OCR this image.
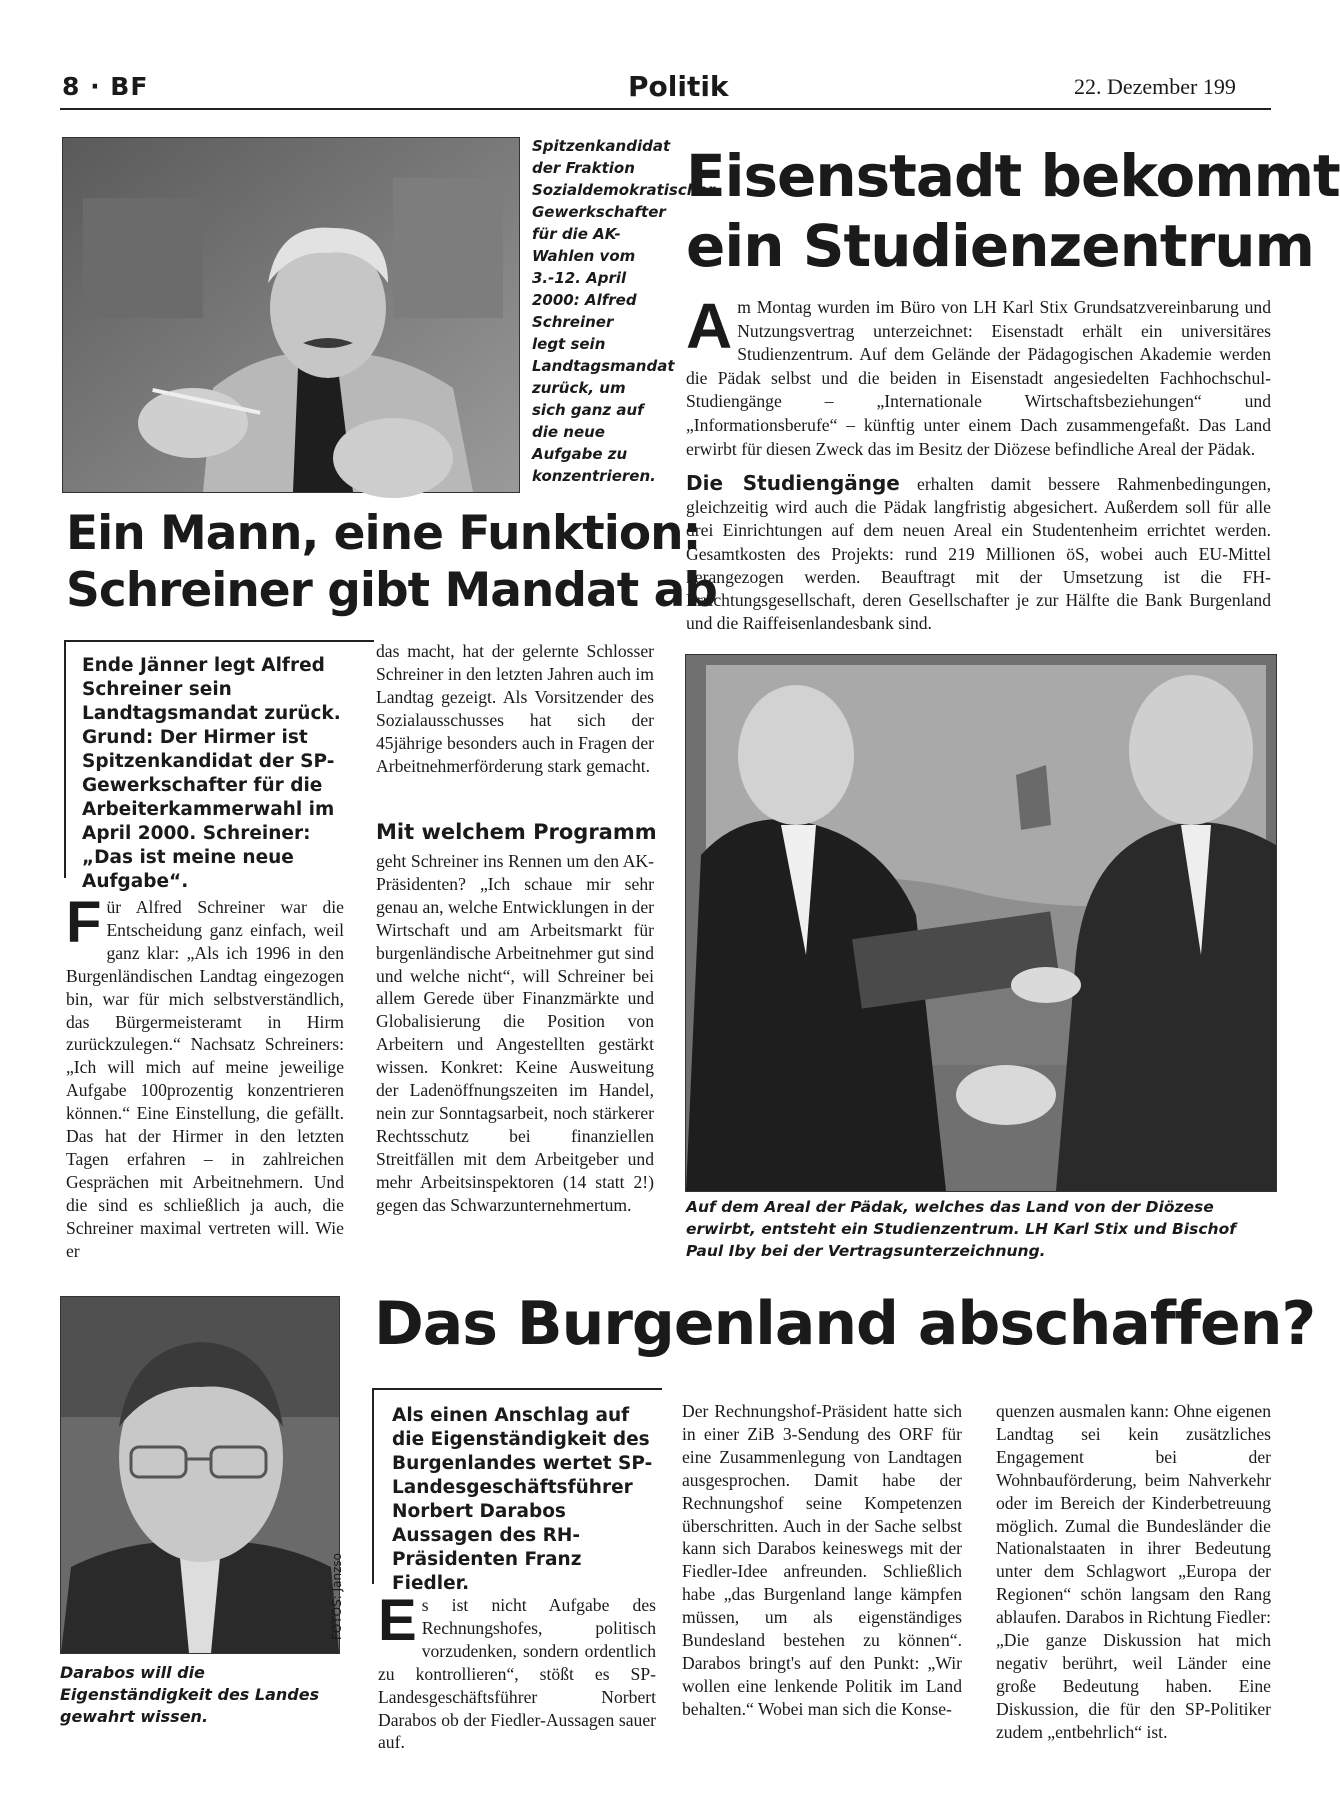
8 · BF	Politik	22. Dezember 199
Spitzenkandidat der Fraktion Sozialdemokratischer Gewerkschafter für die AK-Wahlen vom 3.-12. April 2000: Alfred Schreiner legt sein Landtagsmandat zurück, um sich ganz auf die neue Aufgabe zu konzentrieren.
Ein Mann, eine Funktion:
Schreiner gibt Mandat ab
Ende Jänner legt Alfred Schreiner sein Landtagsmandat zurück. Grund: Der Hirmer ist Spitzenkandidat der SP-Gewerkschafter für die Arbeiterkammerwahl im April 2000. Schreiner: „Das ist meine neue Aufgabe“.
Für Alfred Schreiner war die Entscheidung ganz einfach, weil ganz klar: „Als ich 1996 in den Burgenländischen Landtag eingezogen bin, war für mich selbstverständlich, das Bürgermeisteramt in Hirm zurückzulegen.“ Nachsatz Schreiners: „Ich will mich auf meine jeweilige Aufgabe 100prozentig konzentrieren können.“ Eine Einstellung, die gefällt. Das hat der Hirmer in den letzten Tagen erfahren – in zahlreichen Gesprächen mit Arbeitnehmern. Und die sind es schließlich ja auch, die Schreiner maximal vertreten will. Wie er
das macht, hat der gelernte Schlosser Schreiner in den letzten Jahren auch im Landtag gezeigt. Als Vorsitzender des Sozialausschusses hat sich der 45jährige besonders auch in Fragen der Arbeitnehmerförderung stark gemacht.
Mit welchem Programm
geht Schreiner ins Rennen um den AK-Präsidenten? „Ich schaue mir sehr genau an, welche Entwicklungen in der Wirtschaft und am Arbeitsmarkt für burgenländische Arbeitnehmer gut sind und welche nicht“, will Schreiner bei allem Gerede über Finanzmärkte und Globalisierung die Position von Arbeitern und Angestellten gestärkt wissen. Konkret: Keine Ausweitung der Ladenöffnungszeiten im Handel, nein zur Sonntagsarbeit, noch stärkerer Rechtsschutz bei finanziellen Streitfällen mit dem Arbeitgeber und mehr Arbeitsinspektoren (14 statt 2!) gegen das Schwarzunternehmertum.
Eisenstadt bekommt
ein Studienzentrum
Am Montag wurden im Büro von LH Karl Stix Grundsatzvereinbarung und Nutzungsvertrag unterzeichnet: Eisenstadt erhält ein universitäres Studienzentrum. Auf dem Gelände der Pädagogischen Akademie werden die Pädak selbst und die beiden in Eisenstadt angesiedelten Fachhochschul-Studiengänge – „Internationale Wirtschaftsbeziehungen“ und „Informationsberufe“ – künftig unter einem Dach zusammengefaßt. Das Land erwirbt für diesen Zweck das im Besitz der Diözese befindliche Areal der Pädak.
Die Studiengänge erhalten damit bessere Rahmenbedingungen, gleichzeitig wird auch die Pädak langfristig abgesichert. Außerdem soll für alle drei Einrichtungen auf dem neuen Areal ein Studentenheim errichtet werden. Gesamtkosten des Projekts: rund 219 Millionen öS, wobei auch EU-Mittel herangezogen werden. Beauftragt mit der Umsetzung ist die FH-Errichtungsgesellschaft, deren Gesellschafter je zur Hälfte die Bank Burgenland und die Raiffeisenlandesbank sind.
Auf dem Areal der Pädak, welches das Land von der Diözese erwirbt, entsteht ein Studienzentrum. LH Karl Stix und Bischof Paul Iby bei der Vertragsunterzeichnung.
FOTOS: Janzso
Darabos will die Eigenständigkeit des Landes gewahrt wissen.
Das Burgenland abschaffen?
Als einen Anschlag auf die Eigenständigkeit des Burgenlandes wertet SP-Landesgeschäftsführer Norbert Darabos Aussagen des RH-Präsidenten Franz Fiedler.
Es ist nicht Aufgabe des Rechnungshofes, politisch vorzudenken, sondern ordentlich zu kontrollieren“, stößt es SP-Landesgeschäftsführer Norbert Darabos ob der Fiedler-Aussagen sauer auf.
Der Rechnungshof-Präsident hatte sich in einer ZiB 3-Sendung des ORF für eine Zusammenlegung von Landtagen ausgesprochen. Damit habe der Rechnungshof seine Kompetenzen überschritten. Auch in der Sache selbst kann sich Darabos keineswegs mit der Fiedler-Idee anfreunden. Schließlich habe „das Burgenland lange kämpfen müssen, um als eigenständiges Bundesland bestehen zu können“. Darabos bringt's auf den Punkt: „Wir wollen eine lenkende Politik im Land behalten.“ Wobei man sich die Konse-
quenzen ausmalen kann: Ohne eigenen Landtag sei kein zusätzliches Engagement bei der Wohnbauförderung, beim Nahverkehr oder im Bereich der Kinderbetreuung möglich. Zumal die Bundesländer die Nationalstaaten in ihrer Bedeutung unter dem Schlagwort „Europa der Regionen“ schön langsam den Rang ablaufen. Darabos in Richtung Fiedler: „Die ganze Diskussion hat mich negativ berührt, weil Länder eine große Bedeutung haben. Eine Diskussion, die für den SP-Politiker zudem „entbehrlich“ ist.
